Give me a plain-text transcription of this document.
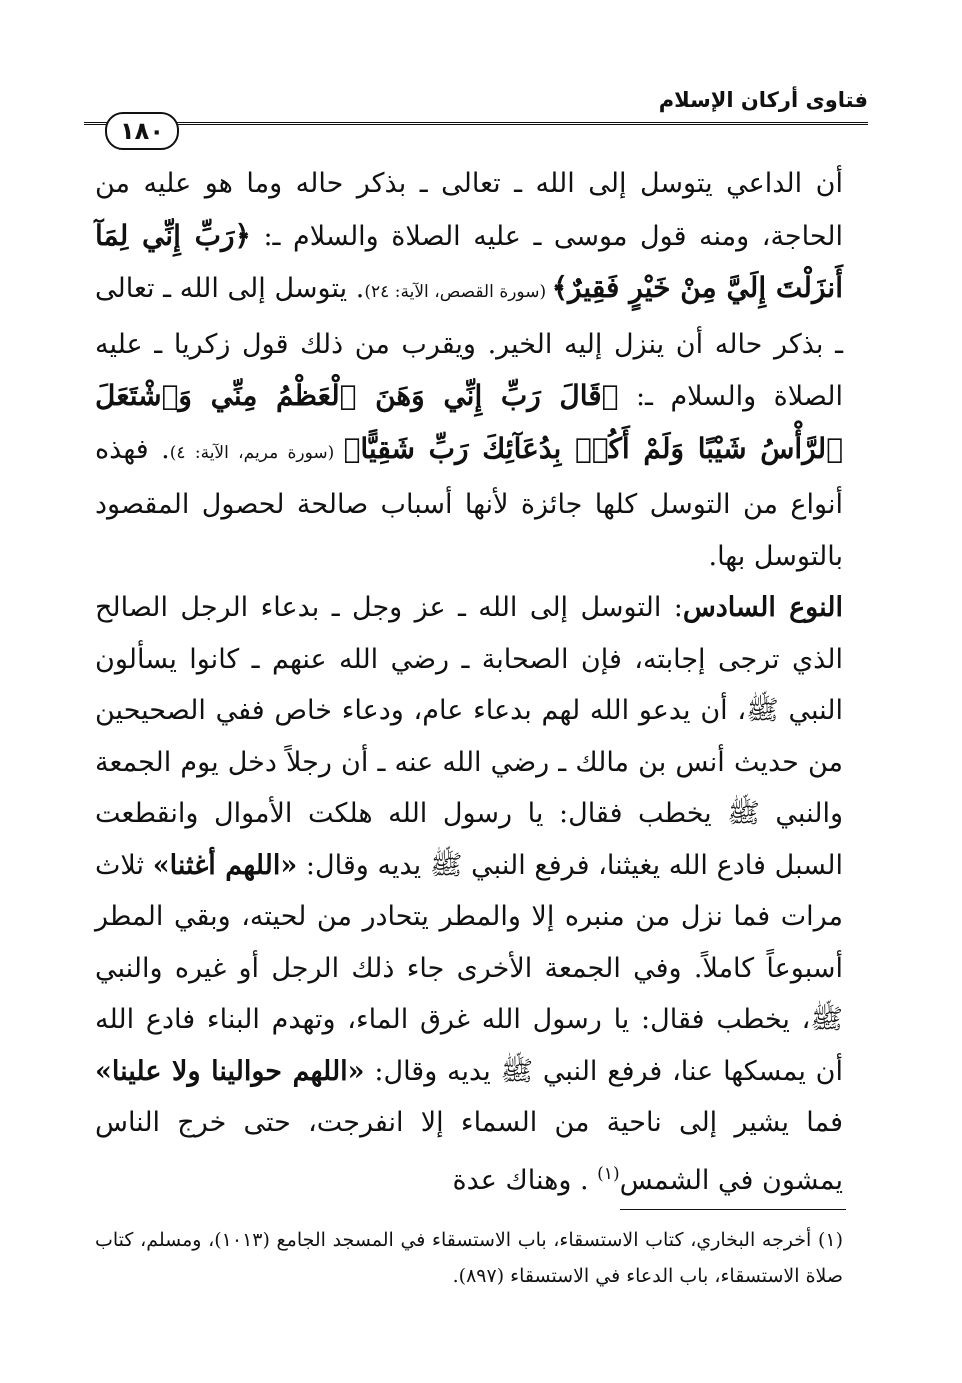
فتاوى أركان الإسلام
١٨٠

أن الداعي يتوسل إلى الله ـ تعالى ـ بذكر حاله وما هو عليه من الحاجة، ومنه قول موسى ـ عليه الصلاة والسلام ـ: ﴿رَبِّ إِنِّي لِمَآ أَنزَلْتَ إِلَيَّ مِنْ خَيْرٍ فَقِيرٌ﴾ (سورة القصص، الآية: ٢٤). يتوسل إلى الله ـ تعالى ـ بذكر حاله أن ينزل إليه الخير. ويقرب من ذلك قول زكريا ـ عليه الصلاة والسلام ـ: ﴿قَالَ رَبِّ إِنِّي وَهَنَ ٱلْعَظْمُ مِنِّي وَٱشْتَعَلَ ٱلرَّأْسُ شَيْبًا وَلَمْ أَكُنۢ بِدُعَآئِكَ رَبِّ شَقِيًّا﴾ (سورة مريم، الآية: ٤). فهذه أنواع من التوسل كلها جائزة لأنها أسباب صالحة لحصول المقصود بالتوسل بها.

النوع السادس: التوسل إلى الله ـ عز وجل ـ بدعاء الرجل الصالح الذي ترجى إجابته، فإن الصحابة ـ رضي الله عنهم ـ كانوا يسألون النبي ﷺ، أن يدعو الله لهم بدعاء عام، ودعاء خاص ففي الصحيحين من حديث أنس بن مالك ـ رضي الله عنه ـ أن رجلاً دخل يوم الجمعة والنبي ﷺ يخطب فقال: يا رسول الله هلكت الأموال وانقطعت السبل فادع الله يغيثنا، فرفع النبي ﷺ يديه وقال: «اللهم أغثنا» ثلاث مرات فما نزل من منبره إلا والمطر يتحادر من لحيته، وبقي المطر أسبوعاً كاملاً. وفي الجمعة الأخرى جاء ذلك الرجل أو غيره والنبي ﷺ، يخطب فقال: يا رسول الله غرق الماء، وتهدم البناء فادع الله أن يمسكها عنا، فرفع النبي ﷺ يديه وقال: «اللهم حوالينا ولا علينا» فما يشير إلى ناحية من السماء إلا انفرجت، حتى خرج الناس يمشون في الشمس$^{(١)}$ . وهناك عدة

(١) أخرجه البخاري، كتاب الاستسقاء، باب الاستسقاء في المسجد الجامع (١٠١٣)، ومسلم، كتاب صلاة الاستسقاء، باب الدعاء في الاستسقاء (٨٩٧).
